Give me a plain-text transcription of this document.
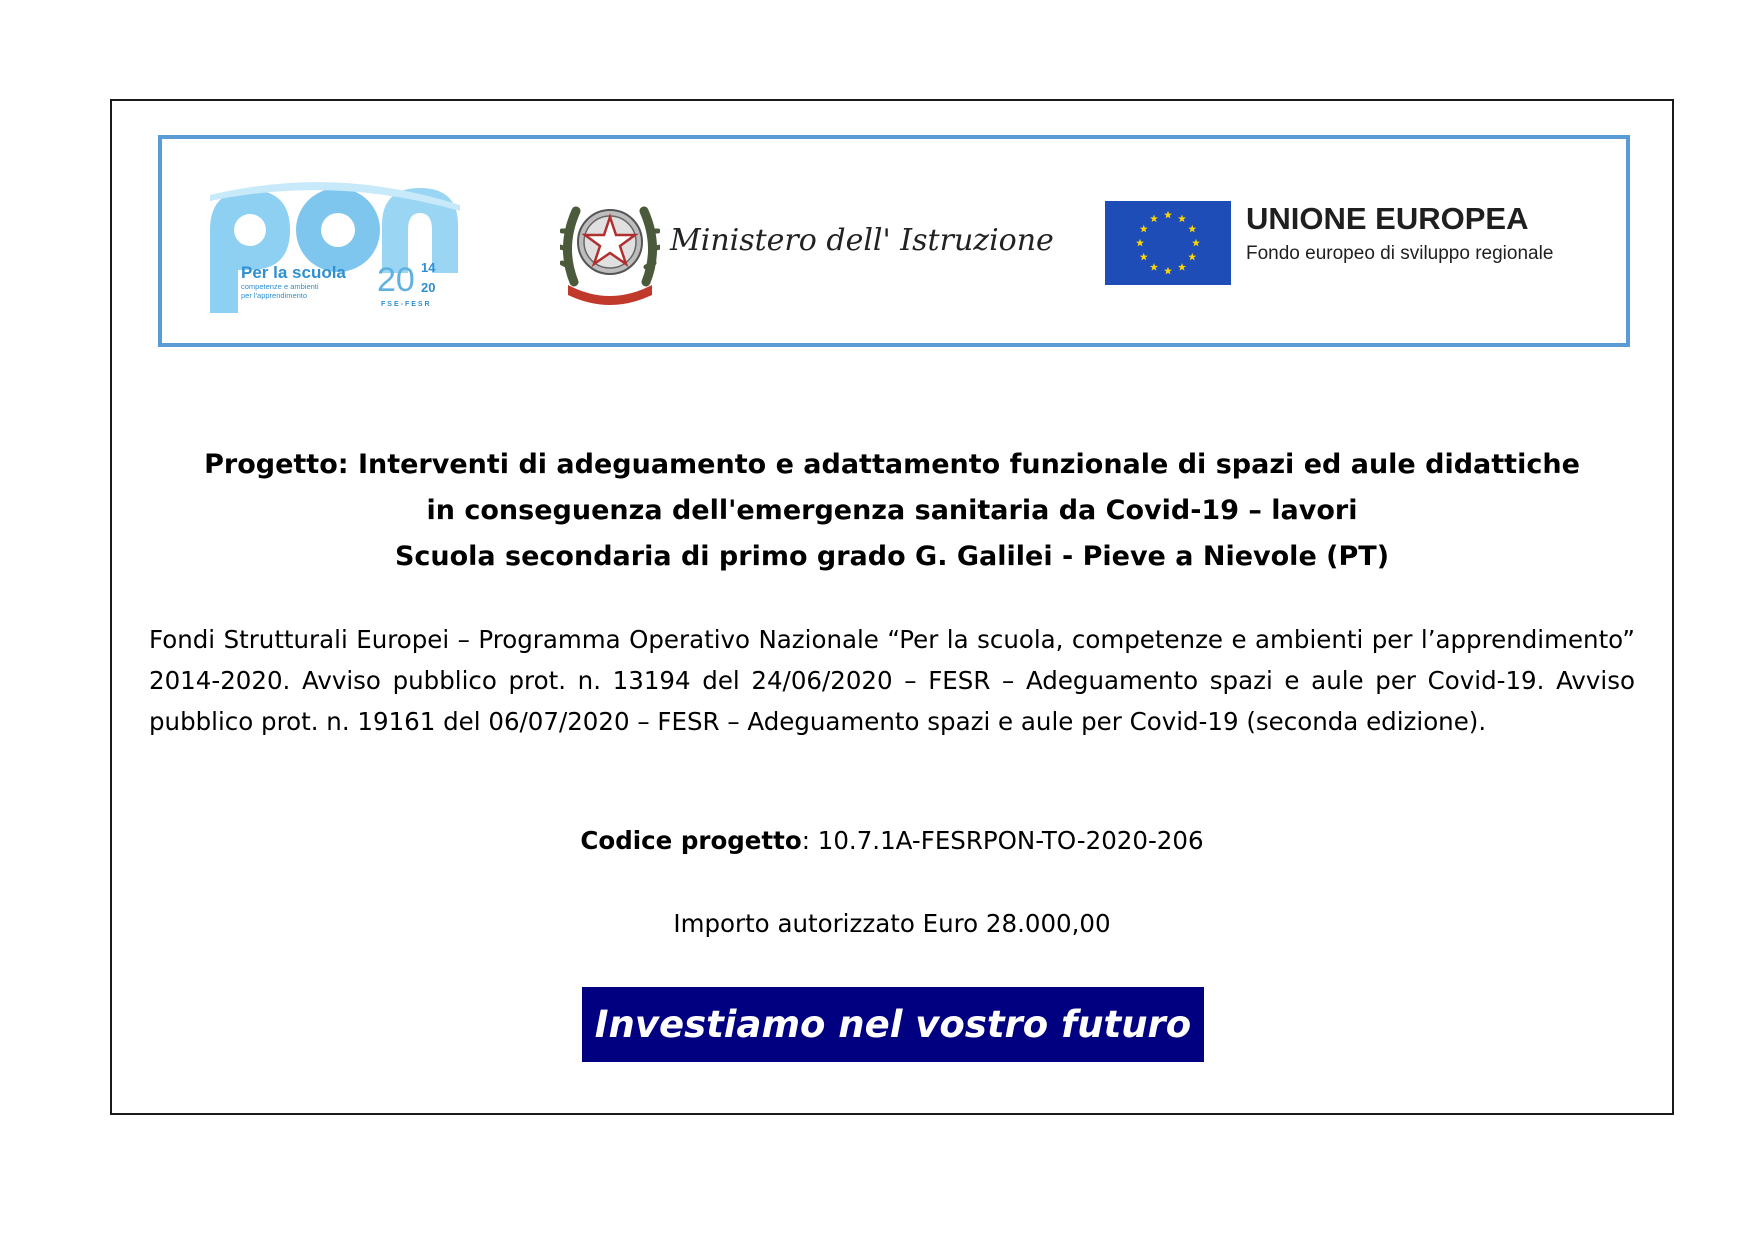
Per la scuola
competenze e ambienti
per l'apprendimento	20 14
20
FSE-FESR
Ministero dell' Istruzione
UNIONE EUROPEA
Fondo europeo di sviluppo regionale
Progetto: Interventi di adeguamento e adattamento funzionale di spazi ed aule didattiche
in conseguenza dell'emergenza sanitaria da Covid-19 – lavori
Scuola secondaria di primo grado G. Galilei - Pieve a Nievole (PT)
Fondi Strutturali Europei – Programma Operativo Nazionale “Per la scuola, competenze e ambienti per l’apprendimento” 2014-2020. Avviso pubblico prot. n. 13194 del 24/06/2020 – FESR – Adeguamento spazi e aule per Covid-19. Avviso pubblico prot. n. 19161 del 06/07/2020 – FESR – Adeguamento spazi e aule per Covid-19 (seconda edizione).
Codice progetto: 10.7.1A-FESRPON-TO-2020-206
Importo autorizzato Euro 28.000,00
Investiamo nel vostro futuro
